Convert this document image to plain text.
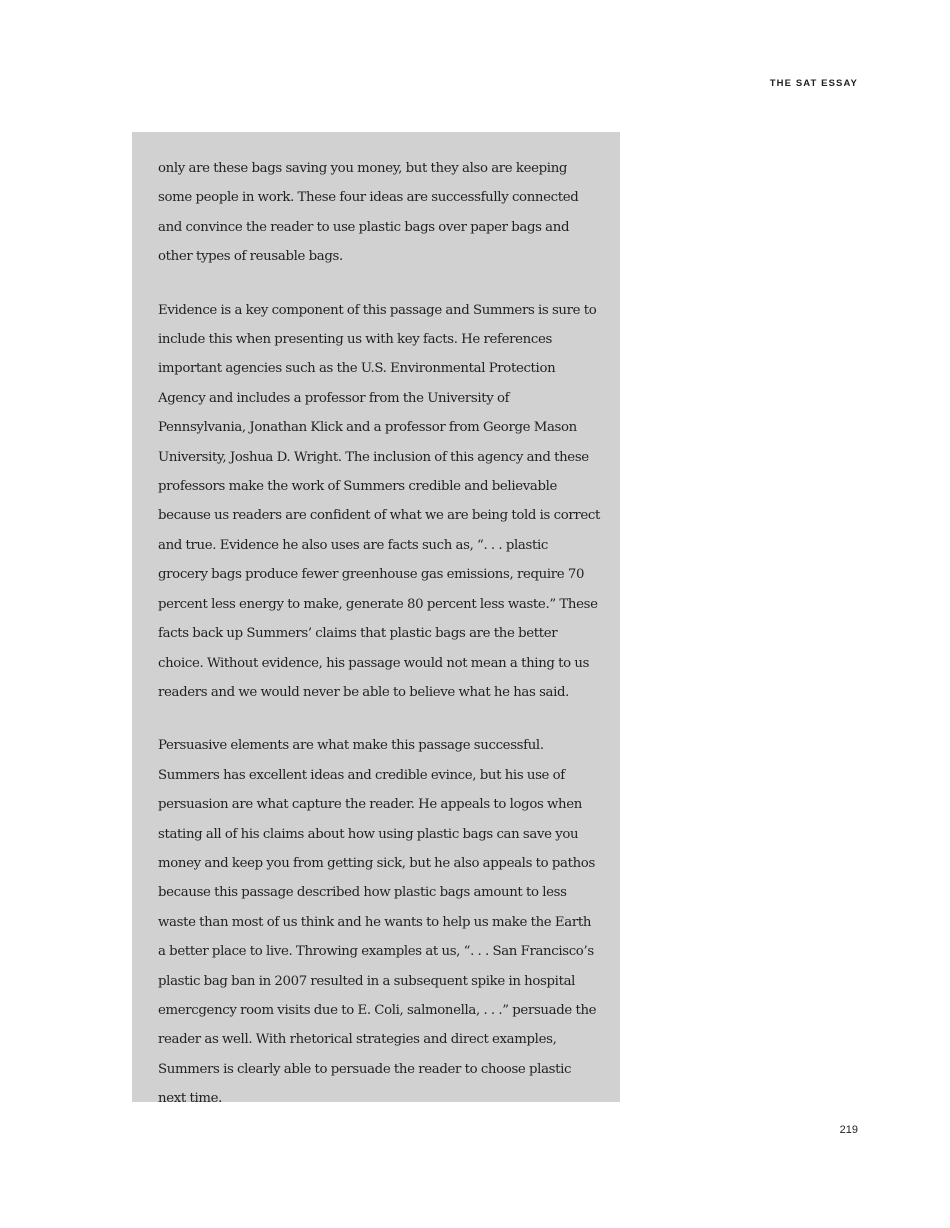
THE SAT ESSAY

only are these bags saving you money, but they also are keeping some people in work. These four ideas are successfully connected and convince the reader to use plastic bags over paper bags and other types of reusable bags.

Evidence is a key component of this passage and Summers is sure to include this when presenting us with key facts. He references important agencies such as the U.S. Environmental Protection Agency and includes a professor from the University of Pennsylvania, Jonathan Klick and a professor from George Mason University, Joshua D. Wright. The inclusion of this agency and these professors make the work of Summers credible and believable because us readers are confident of what we are being told is correct and true. Evidence he also uses are facts such as, “. . . plastic grocery bags produce fewer greenhouse gas emissions, require 70 percent less energy to make, generate 80 percent less waste.” These facts back up Summers’ claims that plastic bags are the better choice. Without evidence, his passage would not mean a thing to us readers and we would never be able to believe what he has said.

Persuasive elements are what make this passage successful. Summers has excellent ideas and credible evince, but his use of persuasion are what capture the reader. He appeals to logos when stating all of his claims about how using plastic bags can save you money and keep you from getting sick, but he also appeals to pathos because this passage described how plastic bags amount to less waste than most of us think and he wants to help us make the Earth a better place to live. Throwing examples at us, “. . . San Francisco’s plastic bag ban in 2007 resulted in a subsequent spike in hospital emercgency room visits due to E. Coli, salmonella, . . .” persuade the reader as well. With rhetorical strategies and direct examples, Summers is clearly able to persuade the reader to choose plastic next time.

219
